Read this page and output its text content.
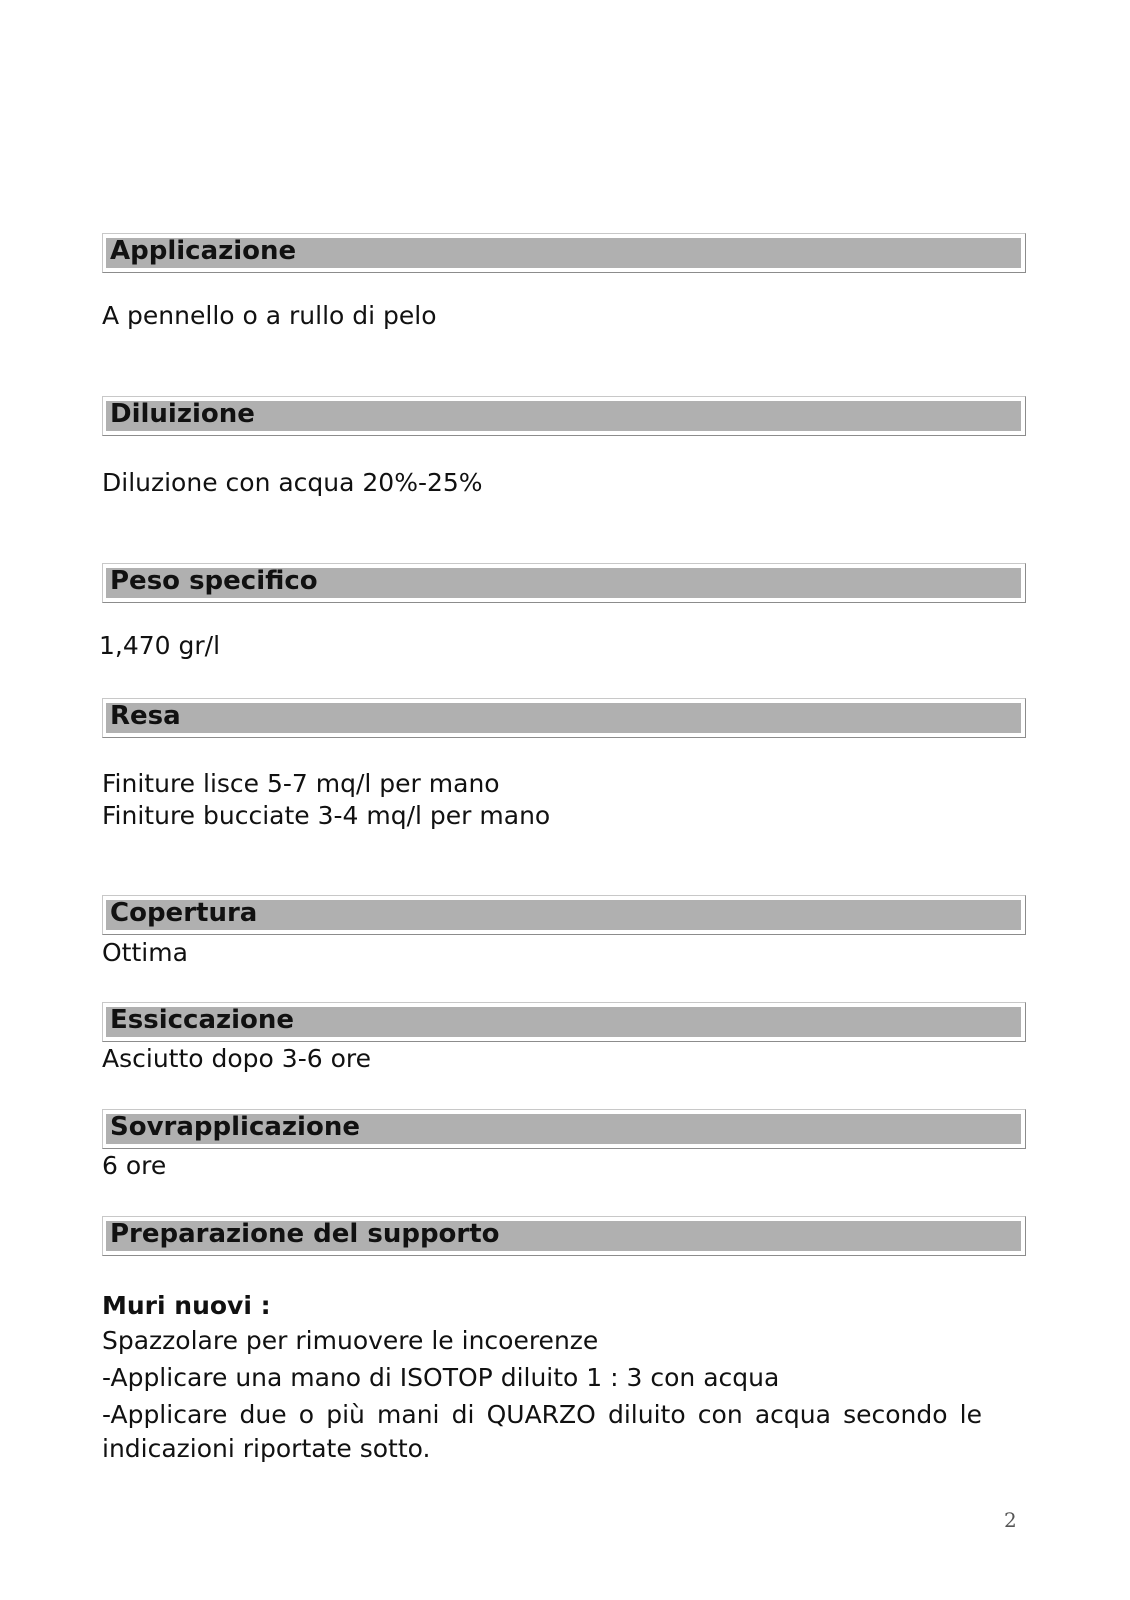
Applicazione
A pennello o a rullo di pelo
Diluizione
Diluzione con acqua 20%-25%
Peso specifico
1,470 gr/l
Resa
Finiture lisce 5-7 mq/l per mano
Finiture bucciate 3-4 mq/l per mano
Copertura
Ottima
Essiccazione
Asciutto dopo 3-6 ore
Sovrapplicazione
6 ore
Preparazione del supporto
Muri nuovi :
Spazzolare per rimuovere le incoerenze
-Applicare una mano di ISOTOP diluito 1 : 3 con acqua
-Applicare due o più mani di QUARZO diluito con acqua secondo le indicazioni riportate sotto.
2
